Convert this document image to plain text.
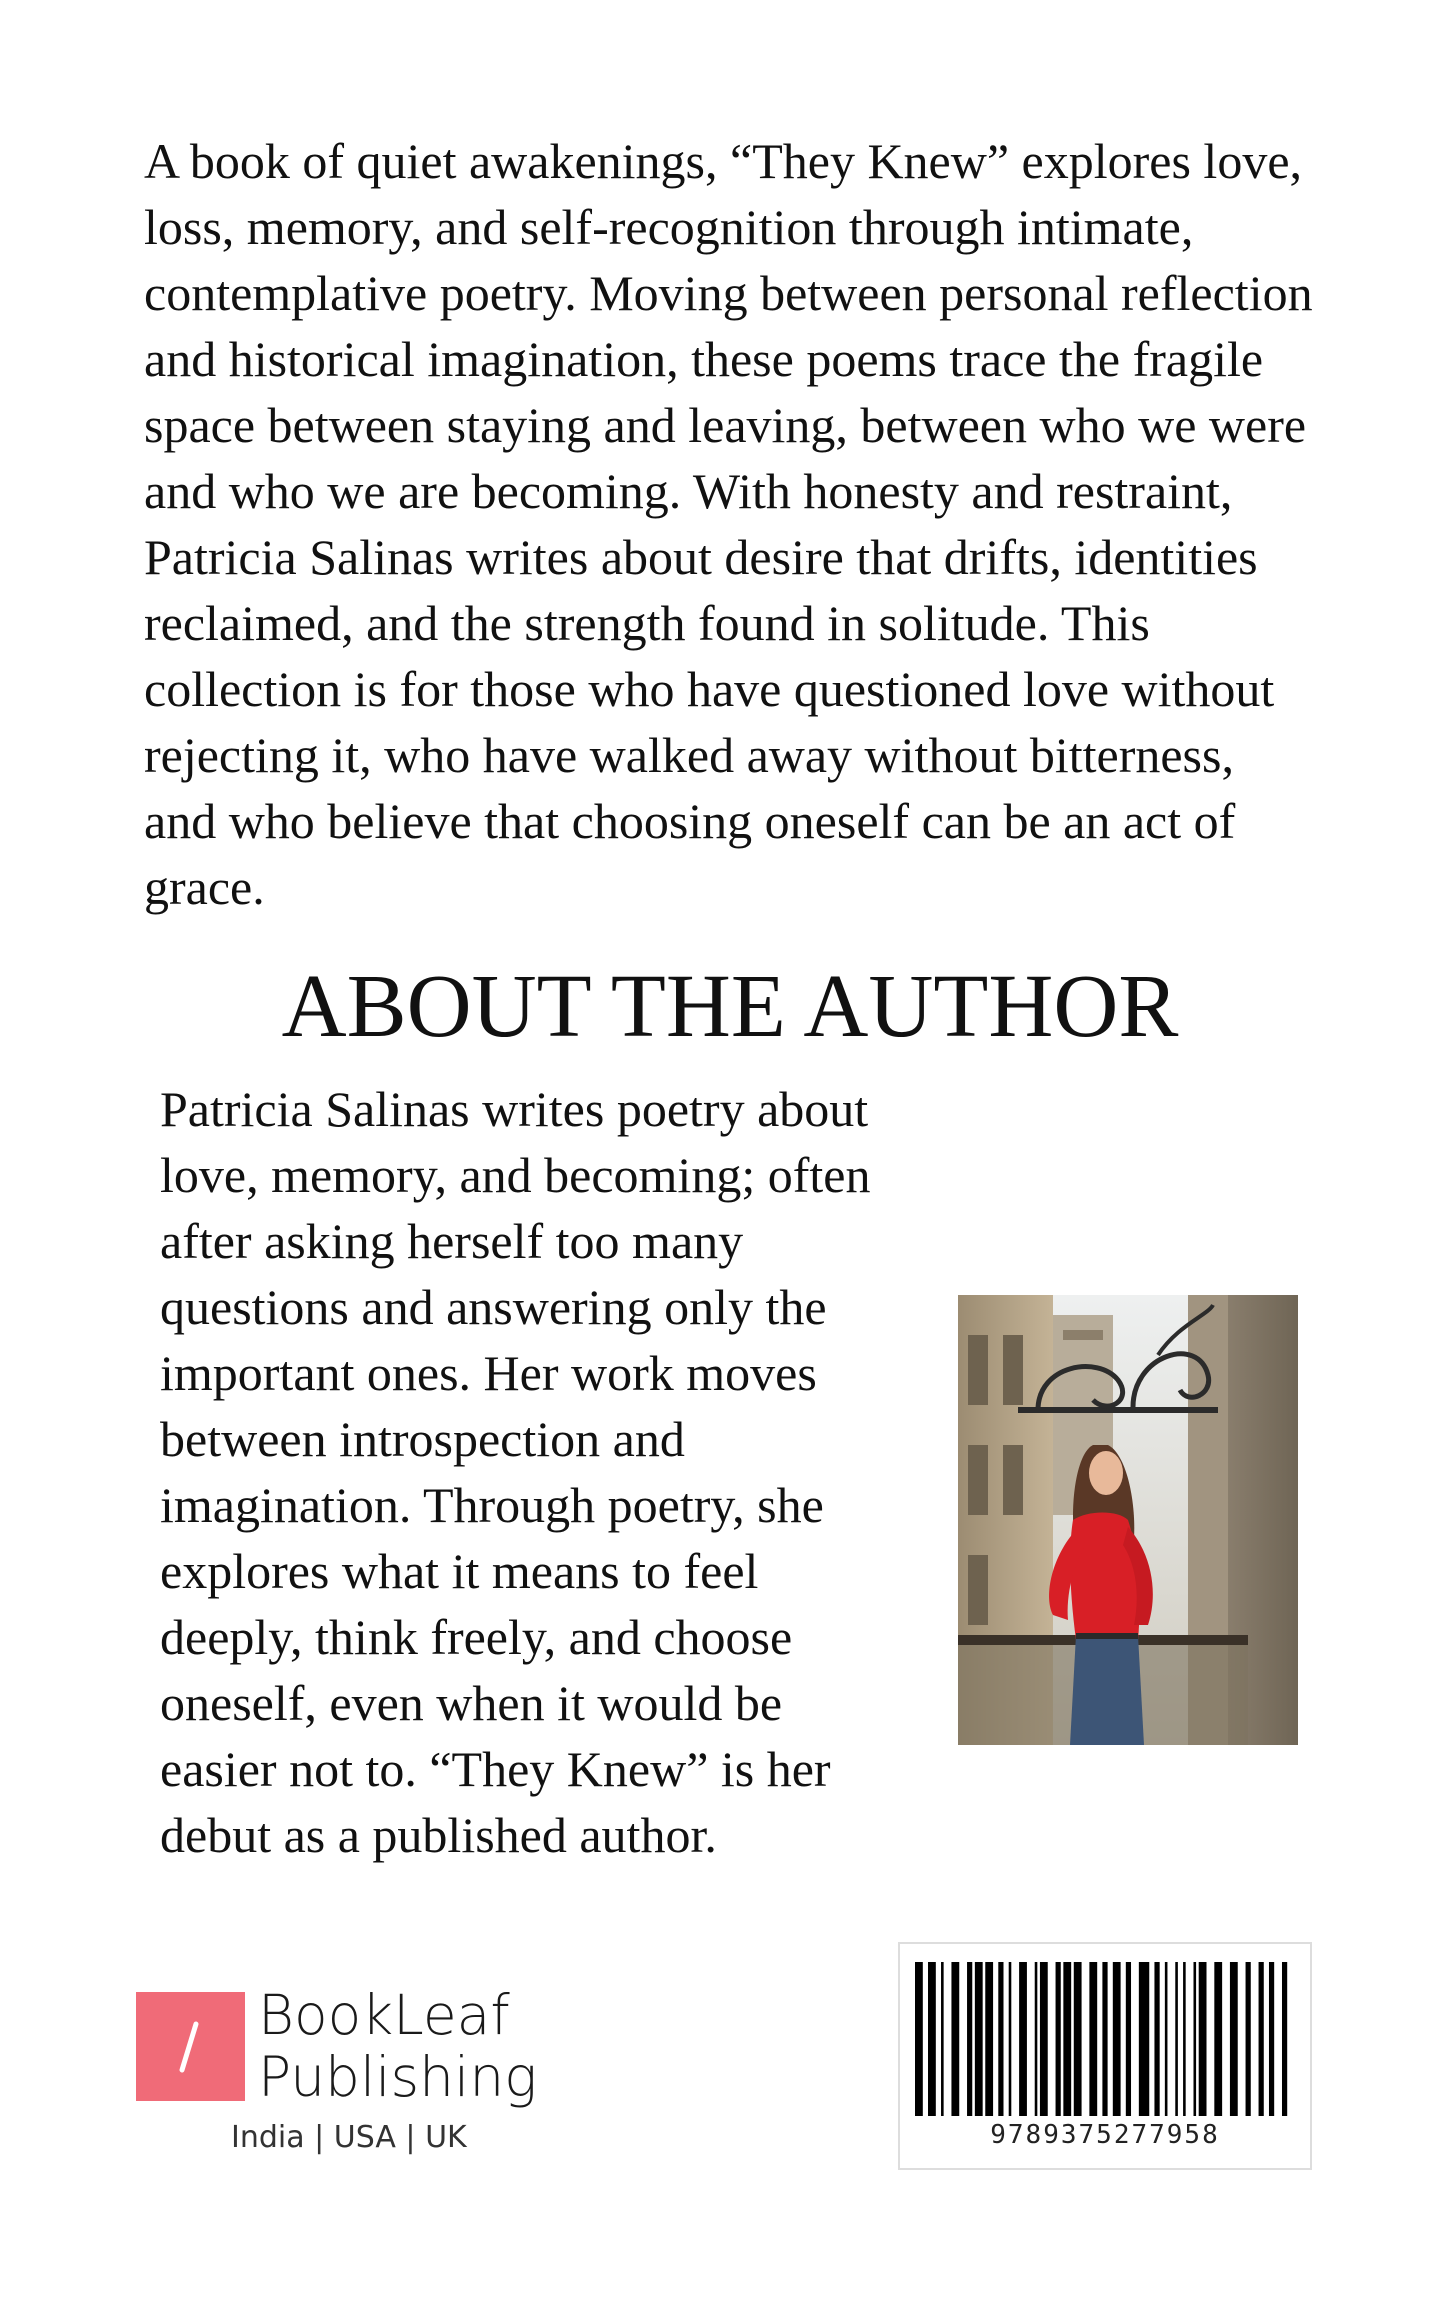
A book of quiet awakenings, “They Knew” explores love,
loss, memory, and self-recognition through intimate,
contemplative poetry. Moving between personal reflection
and historical imagination, these poems trace the fragile
space between staying and leaving, between who we were
and who we are becoming. With honesty and restraint,
Patricia Salinas writes about desire that drifts, identities
reclaimed, and the strength found in solitude. This
collection is for those who have questioned love without
rejecting it, who have walked away without bitterness,
and who believe that choosing oneself can be an act of
grace.
ABOUT THE AUTHOR
Patricia Salinas writes poetry about
love, memory, and becoming; often
after asking herself too many
questions and answering only the
important ones. Her work moves
between introspection and
imagination. Through poetry, she
explores what it means to feel
deeply, think freely, and choose
oneself, even when it would be
easier not to. “They Knew” is her
debut as a published author.
BookLeaf
Publishing
India | USA | UK	9789375277958
